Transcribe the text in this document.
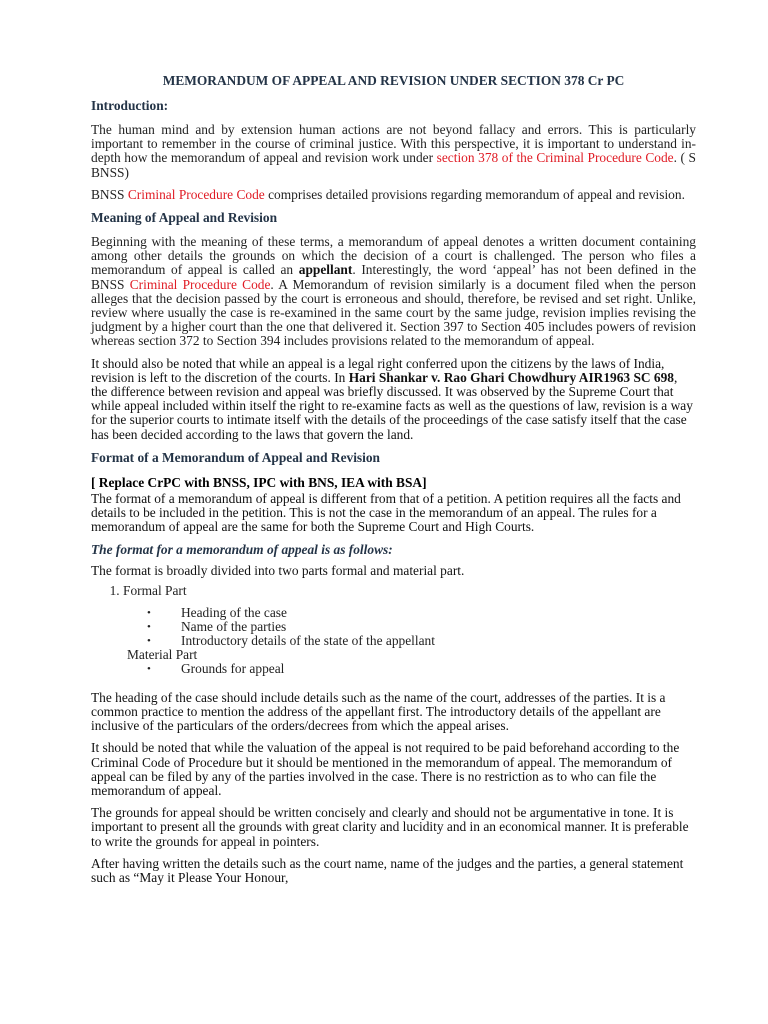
MEMORANDUM OF APPEAL AND REVISION UNDER SECTION 378 Cr PC
Introduction:

The human mind and by extension human actions are not beyond fallacy and errors. This is particularly important to remember in the course of criminal justice. With this perspective, it is important to understand in-depth how the memorandum of appeal and revision work under section 378 of the Criminal Procedure Code. ( S BNSS)

BNSS Criminal Procedure Code comprises detailed provisions regarding memorandum of appeal and revision.

Meaning of Appeal and Revision

Beginning with the meaning of these terms, a memorandum of appeal denotes a written document containing among other details the grounds on which the decision of a court is challenged. The person who files a memorandum of appeal is called an appellant. Interestingly, the word ‘appeal’ has not been defined in the BNSS Criminal Procedure Code. A Memorandum of revision similarly is a document filed when the person alleges that the decision passed by the court is erroneous and should, therefore, be revised and set right. Unlike, review where usually the case is re-examined in the same court by the same judge, revision implies revising the judgment by a higher court than the one that delivered it. Section 397 to Section 405 includes powers of revision whereas section 372 to Section 394 includes provisions related to the memorandum of appeal.

It should also be noted that while an appeal is a legal right conferred upon the citizens by the laws of India, revision is left to the discretion of the courts. In Hari Shankar v. Rao Ghari Chowdhury AIR1963 SC 698, the difference between revision and appeal was briefly discussed. It was observed by the Supreme Court that while appeal included within itself the right to re-examine facts as well as the questions of law, revision is a way for the superior courts to intimate itself with the details of the proceedings of the case satisfy itself that the case has been decided according to the laws that govern the land.

Format of a Memorandum of Appeal and Revision
[ Replace CrPC with BNSS, IPC with BNS, IEA with BSA]

The format of a memorandum of appeal is different from that of a petition. A petition requires all the facts and details to be included in the petition. This is not the case in the memorandum of an appeal. The rules for a memorandum of appeal are the same for both the Supreme Court and High Courts.

The format for a memorandum of appeal is as follows:

The format is broadly divided into two parts formal and material part.

1. Formal Part
• Heading of the case
• Name of the parties
• Introductory details of the state of the appellant
Material Part
• Grounds for appeal

The heading of the case should include details such as the name of the court, addresses of the parties. It is a common practice to mention the address of the appellant first. The introductory details of the appellant are inclusive of the particulars of the orders/decrees from which the appeal arises.

It should be noted that while the valuation of the appeal is not required to be paid beforehand according to the Criminal Code of Procedure but it should be mentioned in the memorandum of appeal. The memorandum of appeal can be filed by any of the parties involved in the case. There is no restriction as to who can file the memorandum of appeal.

The grounds for appeal should be written concisely and clearly and should not be argumentative in tone. It is important to present all the grounds with great clarity and lucidity and in an economical manner. It is preferable to write the grounds for appeal in pointers.

After having written the details such as the court name, name of the judges and the parties, a general statement such as “May it Please Your Honour,
